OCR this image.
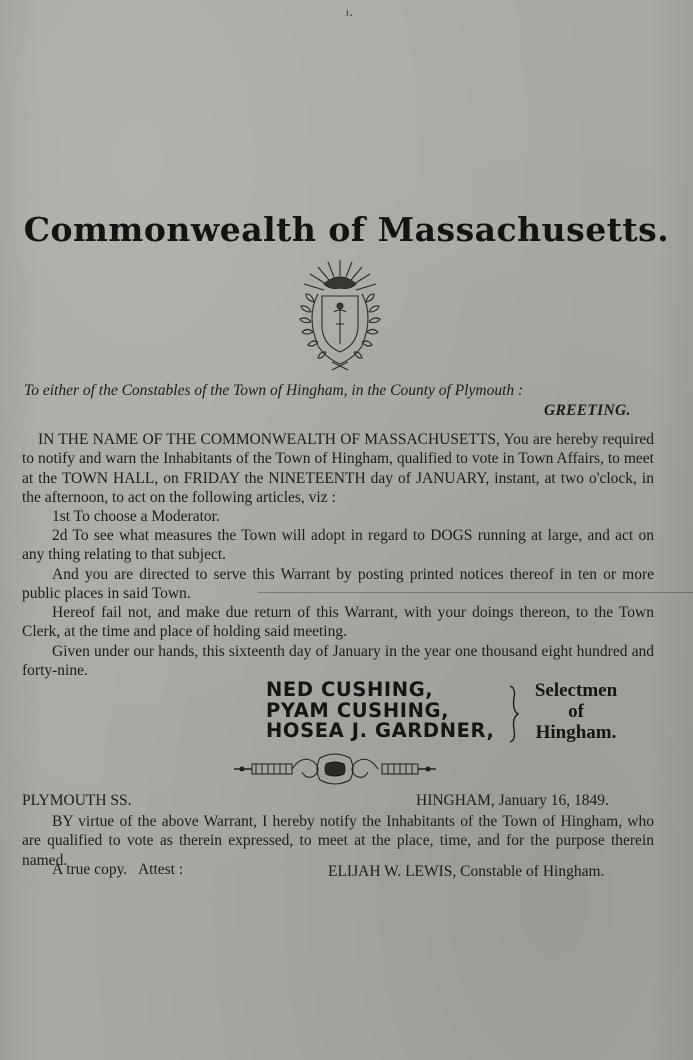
ⁱ·
Commonwealth of Massachusetts.
To either of the Constables of the Town of Hingham, in the County of Plymouth :
GREETING.
IN THE NAME OF THE COMMONWEALTH OF MASSACHUSETTS, You are hereby required to notify and warn the Inhabitants of the Town of Hingham, qualified to vote in Town Affairs, to meet at the TOWN HALL, on FRIDAY the NINETEENTH day of JANUARY, instant, at two o'clock, in the afternoon, to act on the following articles, viz :
1st To choose a Moderator.
2d To see what measures the Town will adopt in regard to DOGS running at large, and act on any thing relating to that subject.
And you are directed to serve this Warrant by posting printed notices thereof in ten or more public places in said Town.
Hereof fail not, and make due return of this Warrant, with your doings thereon, to the Town Clerk, at the time and place of holding said meeting.
Given under our hands, this sixteenth day of January in the year one thousand eight hundred and forty-nine.
NED CUSHING,
PYAM CUSHING,
HOSEA J. GARDNER,
Selectmen
of
Hingham.
PLYMOUTH SS.	HINGHAM, January 16, 1849.
BY virtue of the above Warrant, I hereby notify the Inhabitants of the Town of Hingham, who are qualified to vote as therein expressed, to meet at the place, time, and for the purpose therein named.
A true copy.   Attest :	ELIJAH W. LEWIS, Constable of Hingham.
